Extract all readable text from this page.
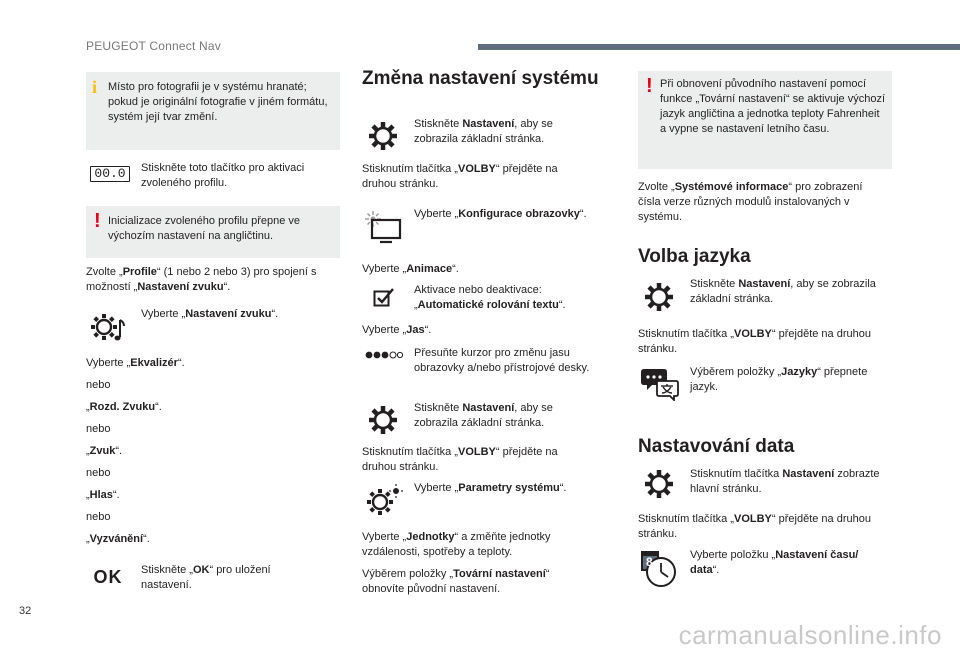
PEUGEOT Connect Nav
i Místo pro fotografii je v systému hranaté; pokud je originální fotografie v jiném formátu, systém její tvar změní.
00.0	Stiskněte toto tlačítko pro aktivaci zvoleného profilu.
! Inicializace zvoleného profilu přepne ve výchozím nastavení na angličtinu.
Zvolte „Profile“ (1 nebo 2 nebo 3) pro spojení s možností „Nastavení zvuku“.
Vyberte „Nastavení zvuku“.
Vyberte „Ekvalizér“.
nebo
„Rozd. Zvuku“.
nebo
„Zvuk“.
nebo
„Hlas“.
nebo
„Vyzvánění“.
OK Stiskněte „OK“ pro uložení nastavení.
Změna nastavení systému
Stiskněte Nastavení, aby se zobrazila základní stránka.
Stisknutím tlačítka „VOLBY“ přejděte na druhou stránku.
Vyberte „Konfigurace obrazovky“.
Vyberte „Animace“.
Aktivace nebo deaktivace: „Automatické rolování textu“.
Vyberte „Jas“.
Přesuňte kurzor pro změnu jasu obrazovky a/nebo přístrojové desky.
Stiskněte Nastavení, aby se zobrazila základní stránka.
Stisknutím tlačítka „VOLBY“ přejděte na druhou stránku.
Vyberte „Parametry systému“.
Vyberte „Jednotky“ a změňte jednotky vzdálenosti, spotřeby a teploty.
Výběrem položky „Tovární nastavení“ obnovíte původní nastavení.
! Při obnovení původního nastavení pomocí funkce „Tovární nastavení“ se aktivuje výchozí jazyk angličtina a jednotka teploty Fahrenheit a vypne se nastavení letního času.
Zvolte „Systémové informace“ pro zobrazení čísla verze různých modulů instalovaných v systému.
Volba jazyka
Stiskněte Nastavení, aby se zobrazila základní stránka.
Stisknutím tlačítka „VOLBY“ přejděte na druhou stránku.
Výběrem položky „Jazyky“ přepnete jazyk.
Nastavování data
Stisknutím tlačítka Nastavení zobrazte hlavní stránku.
Stisknutím tlačítka „VOLBY“ přejděte na druhou stránku.
8	Vyberte položku „Nastavení času/ data“.
32
carmanualsonline.info
